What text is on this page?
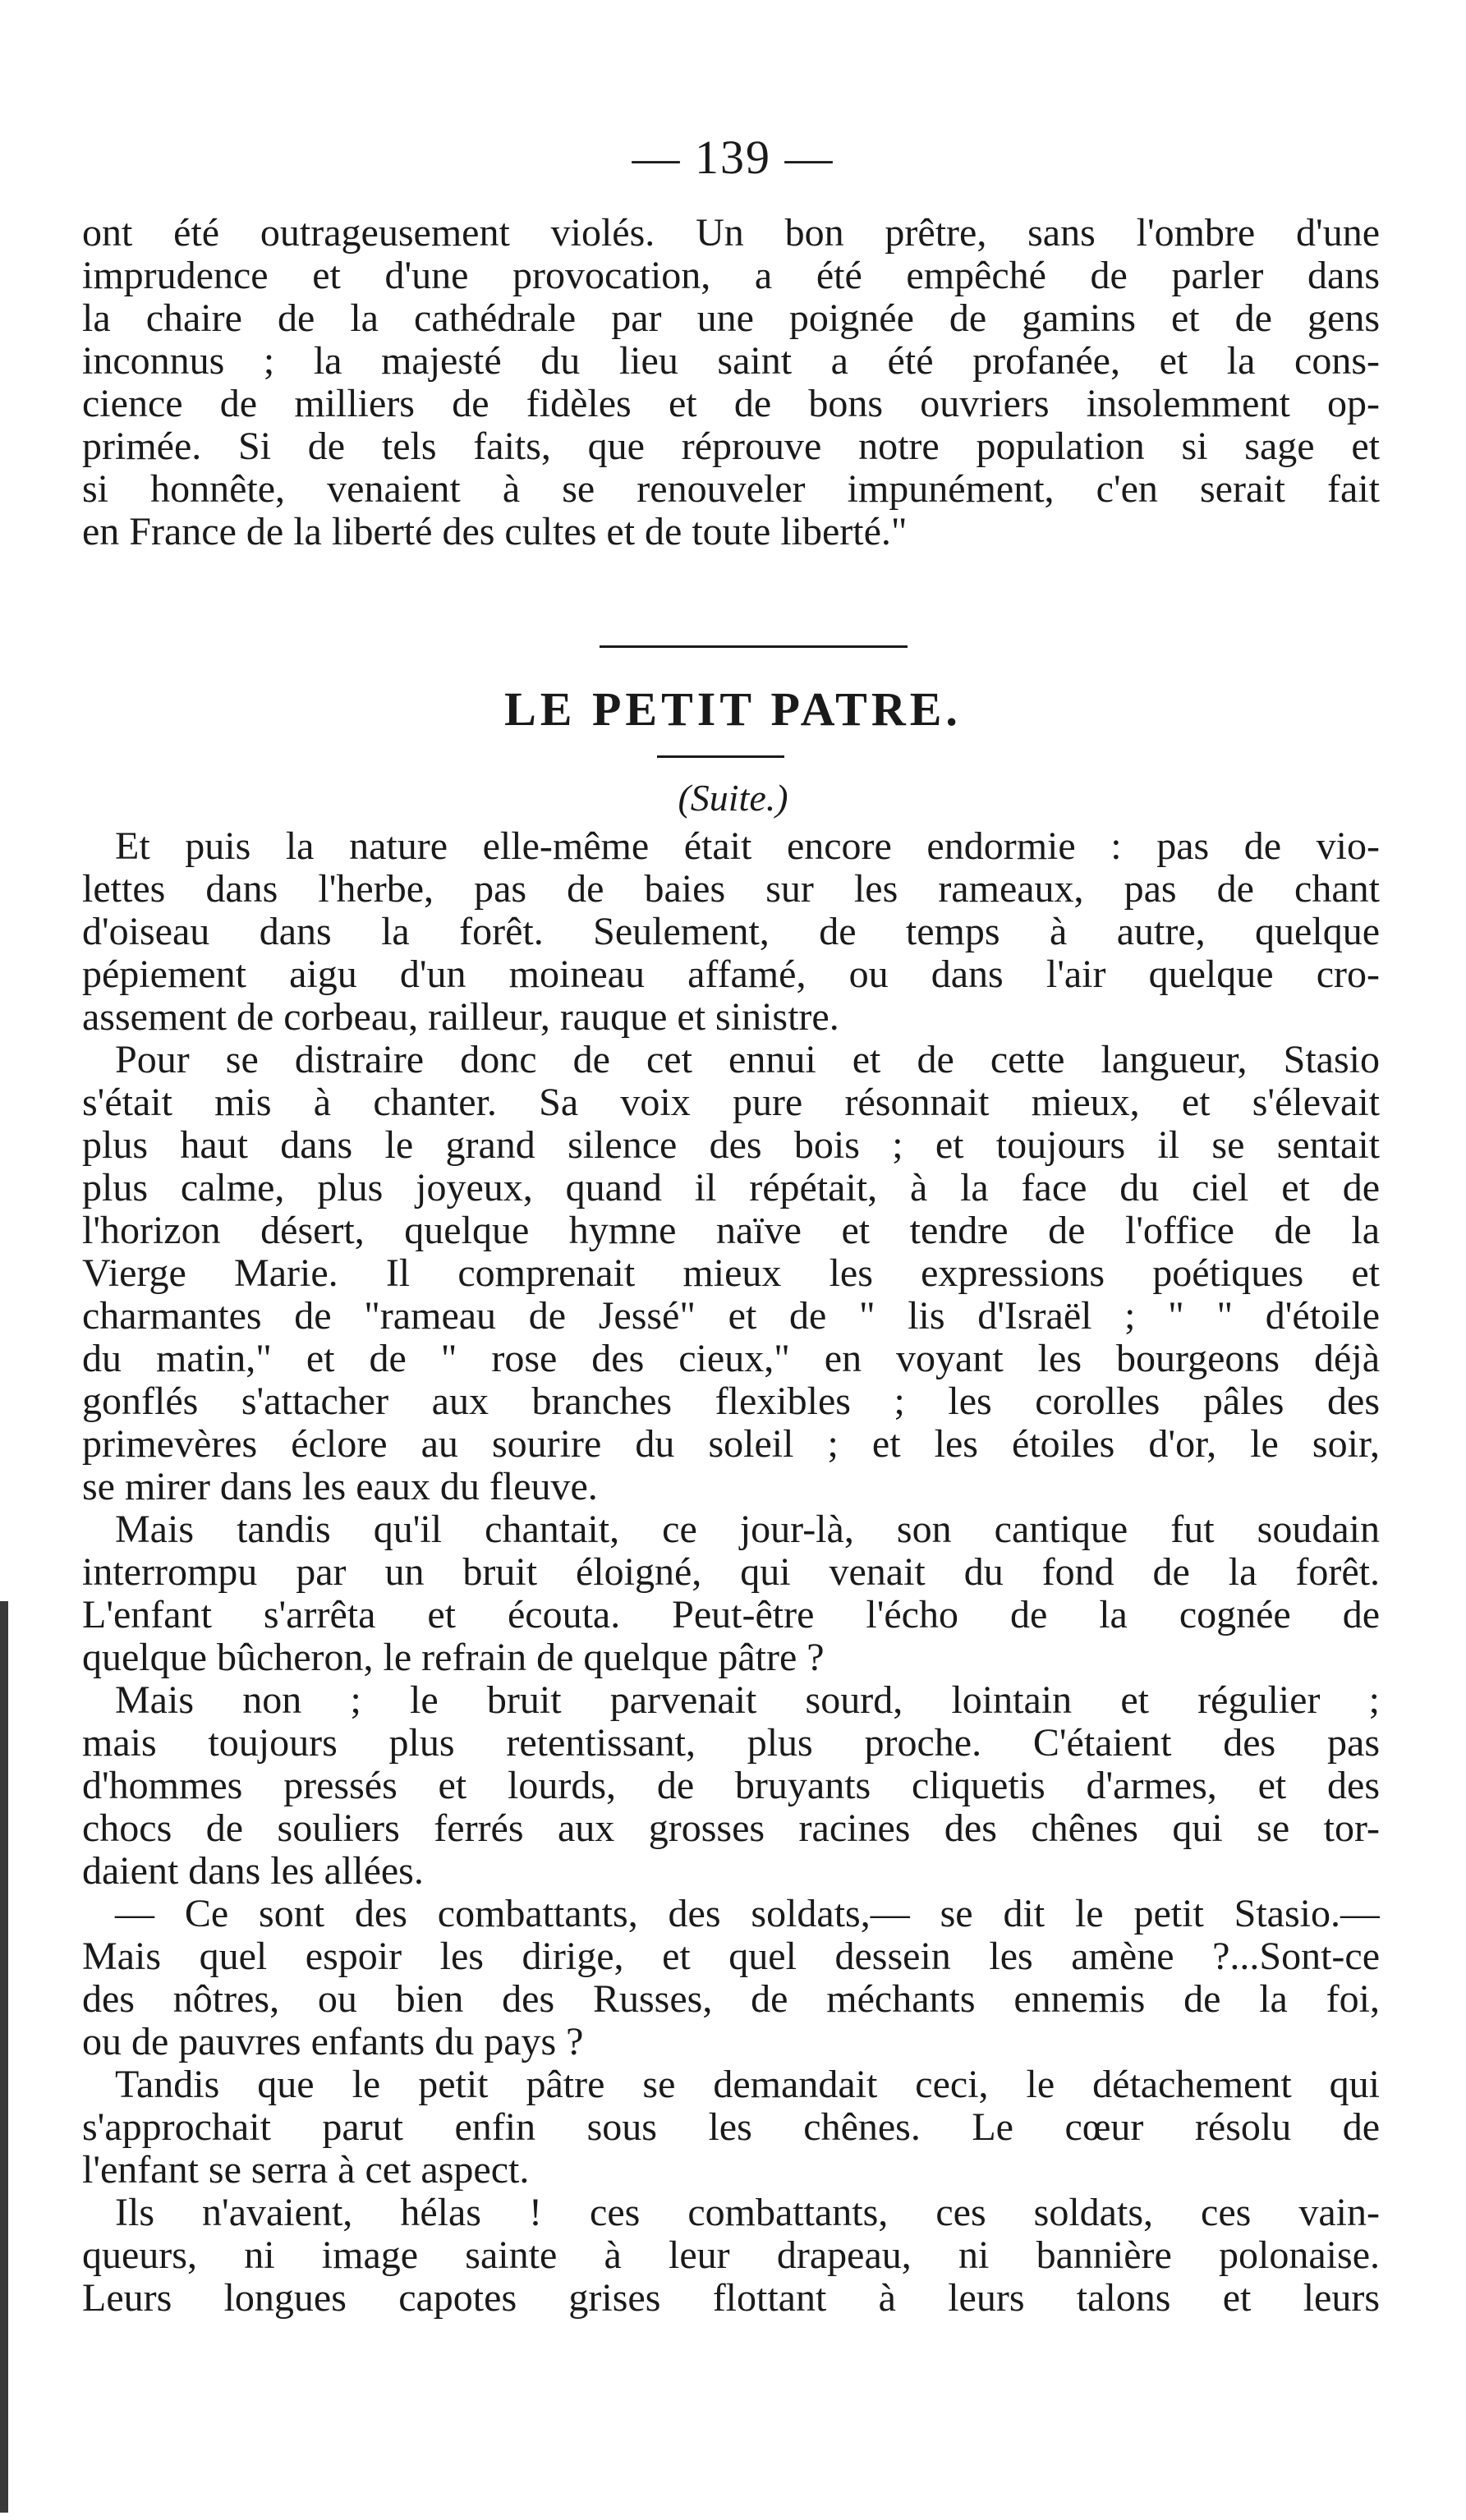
— 139 —
ont été outrageusement violés. Un bon prêtre, sans l'ombre d'une
imprudence et d'une provocation, a été empêché de parler dans
la chaire de la cathédrale par une poignée de gamins et de gens
inconnus ; la majesté du lieu saint a été profanée, et la cons-
cience de milliers de fidèles et de bons ouvriers insolemment op-
primée. Si de tels faits, que réprouve notre population si sage et
si honnête, venaient à se renouveler impunément, c'en serait fait
en France de la liberté des cultes et de toute liberté."
LE PETIT PATRE.
(Suite.)
Et puis la nature elle-même était encore endormie : pas de vio-
lettes dans l'herbe, pas de baies sur les rameaux, pas de chant
d'oiseau dans la forêt. Seulement, de temps à autre, quelque
pépiement aigu d'un moineau affamé, ou dans l'air quelque cro-
assement de corbeau, railleur, rauque et sinistre.
Pour se distraire donc de cet ennui et de cette langueur, Stasio
s'était mis à chanter. Sa voix pure résonnait mieux, et s'élevait
plus haut dans le grand silence des bois ; et toujours il se sentait
plus calme, plus joyeux, quand il répétait, à la face du ciel et de
l'horizon désert, quelque hymne naïve et tendre de l'office de la
Vierge Marie. Il comprenait mieux les expressions poétiques et
charmantes de "rameau de Jessé" et de " lis d'Israël ; " " d'étoile
du matin," et de " rose des cieux," en voyant les bourgeons déjà
gonflés s'attacher aux branches flexibles ; les corolles pâles des
primevères éclore au sourire du soleil ; et les étoiles d'or, le soir,
se mirer dans les eaux du fleuve.
Mais tandis qu'il chantait, ce jour-là, son cantique fut soudain
interrompu par un bruit éloigné, qui venait du fond de la forêt.
L'enfant s'arrêta et écouta. Peut-être l'écho de la cognée de
quelque bûcheron, le refrain de quelque pâtre ?
Mais non ; le bruit parvenait sourd, lointain et régulier ;
mais toujours plus retentissant, plus proche. C'étaient des pas
d'hommes pressés et lourds, de bruyants cliquetis d'armes, et des
chocs de souliers ferrés aux grosses racines des chênes qui se tor-
daient dans les allées.
— Ce sont des combattants, des soldats,— se dit le petit Stasio.—
Mais quel espoir les dirige, et quel dessein les amène ?...Sont-ce
des nôtres, ou bien des Russes, de méchants ennemis de la foi,
ou de pauvres enfants du pays ?
Tandis que le petit pâtre se demandait ceci, le détachement qui
s'approchait parut enfin sous les chênes. Le cœur résolu de
l'enfant se serra à cet aspect.
Ils n'avaient, hélas ! ces combattants, ces soldats, ces vain-
queurs, ni image sainte à leur drapeau, ni bannière polonaise.
Leurs longues capotes grises flottant à leurs talons et leurs
